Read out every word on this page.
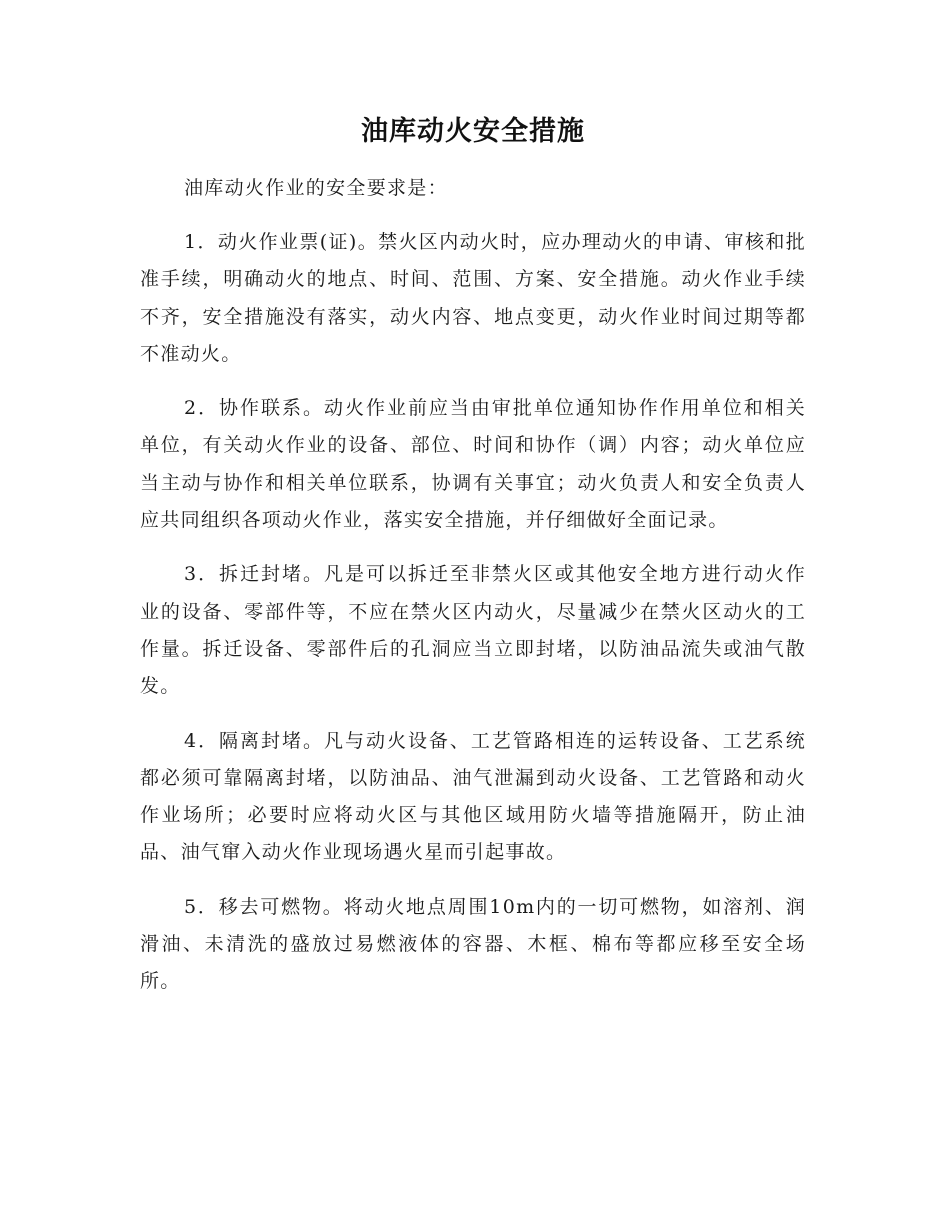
油库动火安全措施

油库动火作业的安全要求是：

1．动火作业票(证)。禁火区内动火时，应办理动火的申请、审核和批准手续，明确动火的地点、时间、范围、方案、安全措施。动火作业手续不齐，安全措施没有落实，动火内容、地点变更，动火作业时间过期等都不准动火。

2．协作联系。动火作业前应当由审批单位通知协作作用单位和相关单位，有关动火作业的设备、部位、时间和协作（调）内容；动火单位应当主动与协作和相关单位联系，协调有关事宜；动火负责人和安全负责人应共同组织各项动火作业，落实安全措施，并仔细做好全面记录。

3．拆迁封堵。凡是可以拆迁至非禁火区或其他安全地方进行动火作业的设备、零部件等，不应在禁火区内动火，尽量减少在禁火区动火的工作量。拆迁设备、零部件后的孔洞应当立即封堵，以防油品流失或油气散发。

4．隔离封堵。凡与动火设备、工艺管路相连的运转设备、工艺系统都必须可靠隔离封堵，以防油品、油气泄漏到动火设备、工艺管路和动火作业场所；必要时应将动火区与其他区域用防火墙等措施隔开，防止油品、油气窜入动火作业现场遇火星而引起事故。

5．移去可燃物。将动火地点周围10m内的一切可燃物，如溶剂、润滑油、未清洗的盛放过易燃液体的容器、木框、棉布等都应移至安全场所。
